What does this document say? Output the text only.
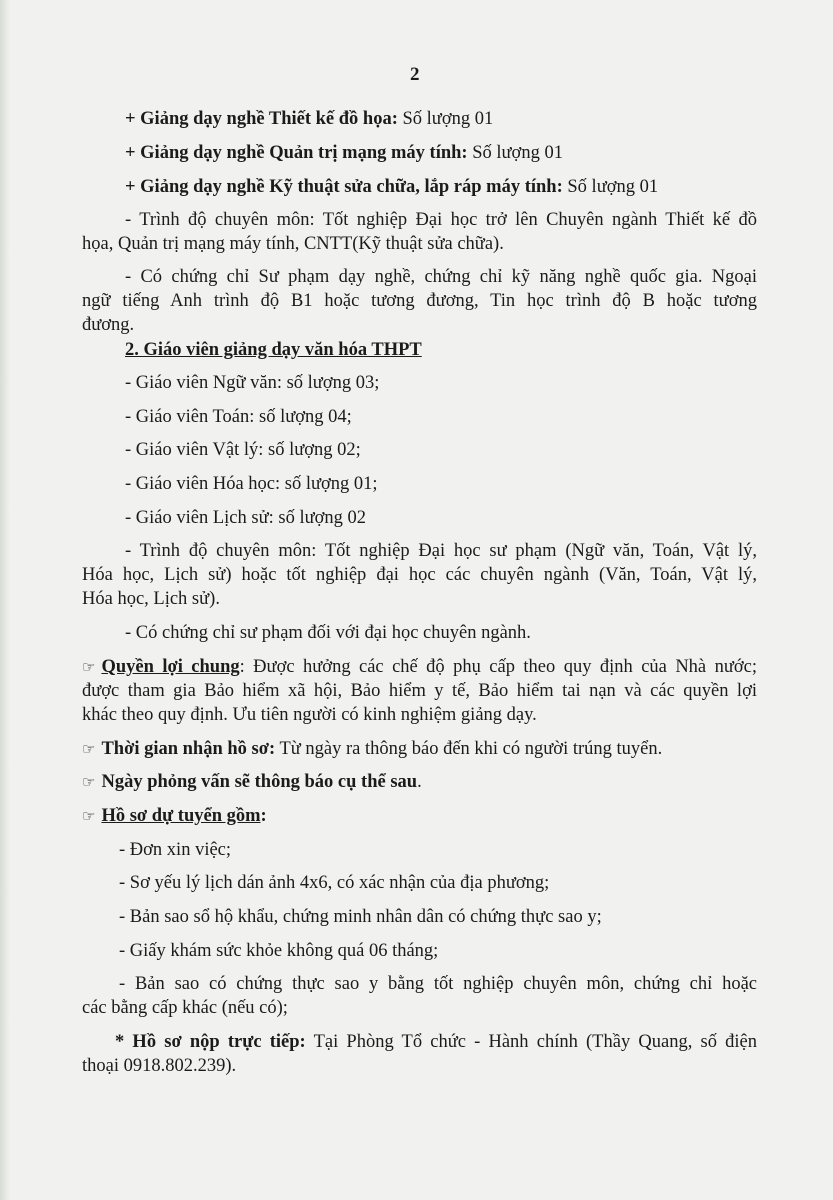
2
+ Giảng dạy nghề Thiết kế đồ họa: Số lượng 01
+ Giảng dạy nghề Quản trị mạng máy tính: Số lượng 01
+ Giảng dạy nghề Kỹ thuật sửa chữa, lắp ráp máy tính: Số lượng 01
- Trình độ chuyên môn: Tốt nghiệp Đại học trở lên Chuyên ngành Thiết kế đồ
họa, Quản trị mạng máy tính, CNTT(Kỹ thuật sửa chữa).
- Có chứng chỉ Sư phạm dạy nghề, chứng chỉ kỹ năng nghề quốc gia. Ngoại
ngữ tiếng Anh trình độ B1 hoặc tương đương, Tin học trình độ B hoặc tương
đương.
2. Giáo viên giảng dạy văn hóa THPT
- Giáo viên Ngữ văn: số lượng 03;
- Giáo viên Toán: số lượng 04;
- Giáo viên Vật lý: số lượng 02;
- Giáo viên Hóa học: số lượng 01;
- Giáo viên Lịch sử: số lượng 02
- Trình độ chuyên môn: Tốt nghiệp Đại học sư phạm (Ngữ văn, Toán, Vật lý,
Hóa học, Lịch sử) hoặc tốt nghiệp đại học các chuyên ngành (Văn, Toán, Vật lý,
Hóa học, Lịch sử).
- Có chứng chỉ sư phạm đối với đại học chuyên ngành.
☞ Quyền lợi chung: Được hưởng các chế độ phụ cấp theo quy định của Nhà nước;
được tham gia Bảo hiểm xã hội, Bảo hiểm y tế, Bảo hiểm tai nạn và các quyền lợi
khác theo quy định. Ưu tiên người có kinh nghiệm giảng dạy.
☞ Thời gian nhận hồ sơ: Từ ngày ra thông báo đến khi có người trúng tuyển.
☞ Ngày phỏng vấn sẽ thông báo cụ thể sau.
☞ Hồ sơ dự tuyển gồm:
- Đơn xin việc;
- Sơ yếu lý lịch dán ảnh 4x6, có xác nhận của địa phương;
- Bản sao sổ hộ khẩu, chứng minh nhân dân có chứng thực sao y;
- Giấy khám sức khỏe không quá 06 tháng;
- Bản sao có chứng thực sao y bằng tốt nghiệp chuyên môn, chứng chỉ hoặc
các bằng cấp khác (nếu có);
* Hồ sơ nộp trực tiếp: Tại Phòng Tổ chức - Hành chính (Thầy Quang, số điện
thoại 0918.802.239).
